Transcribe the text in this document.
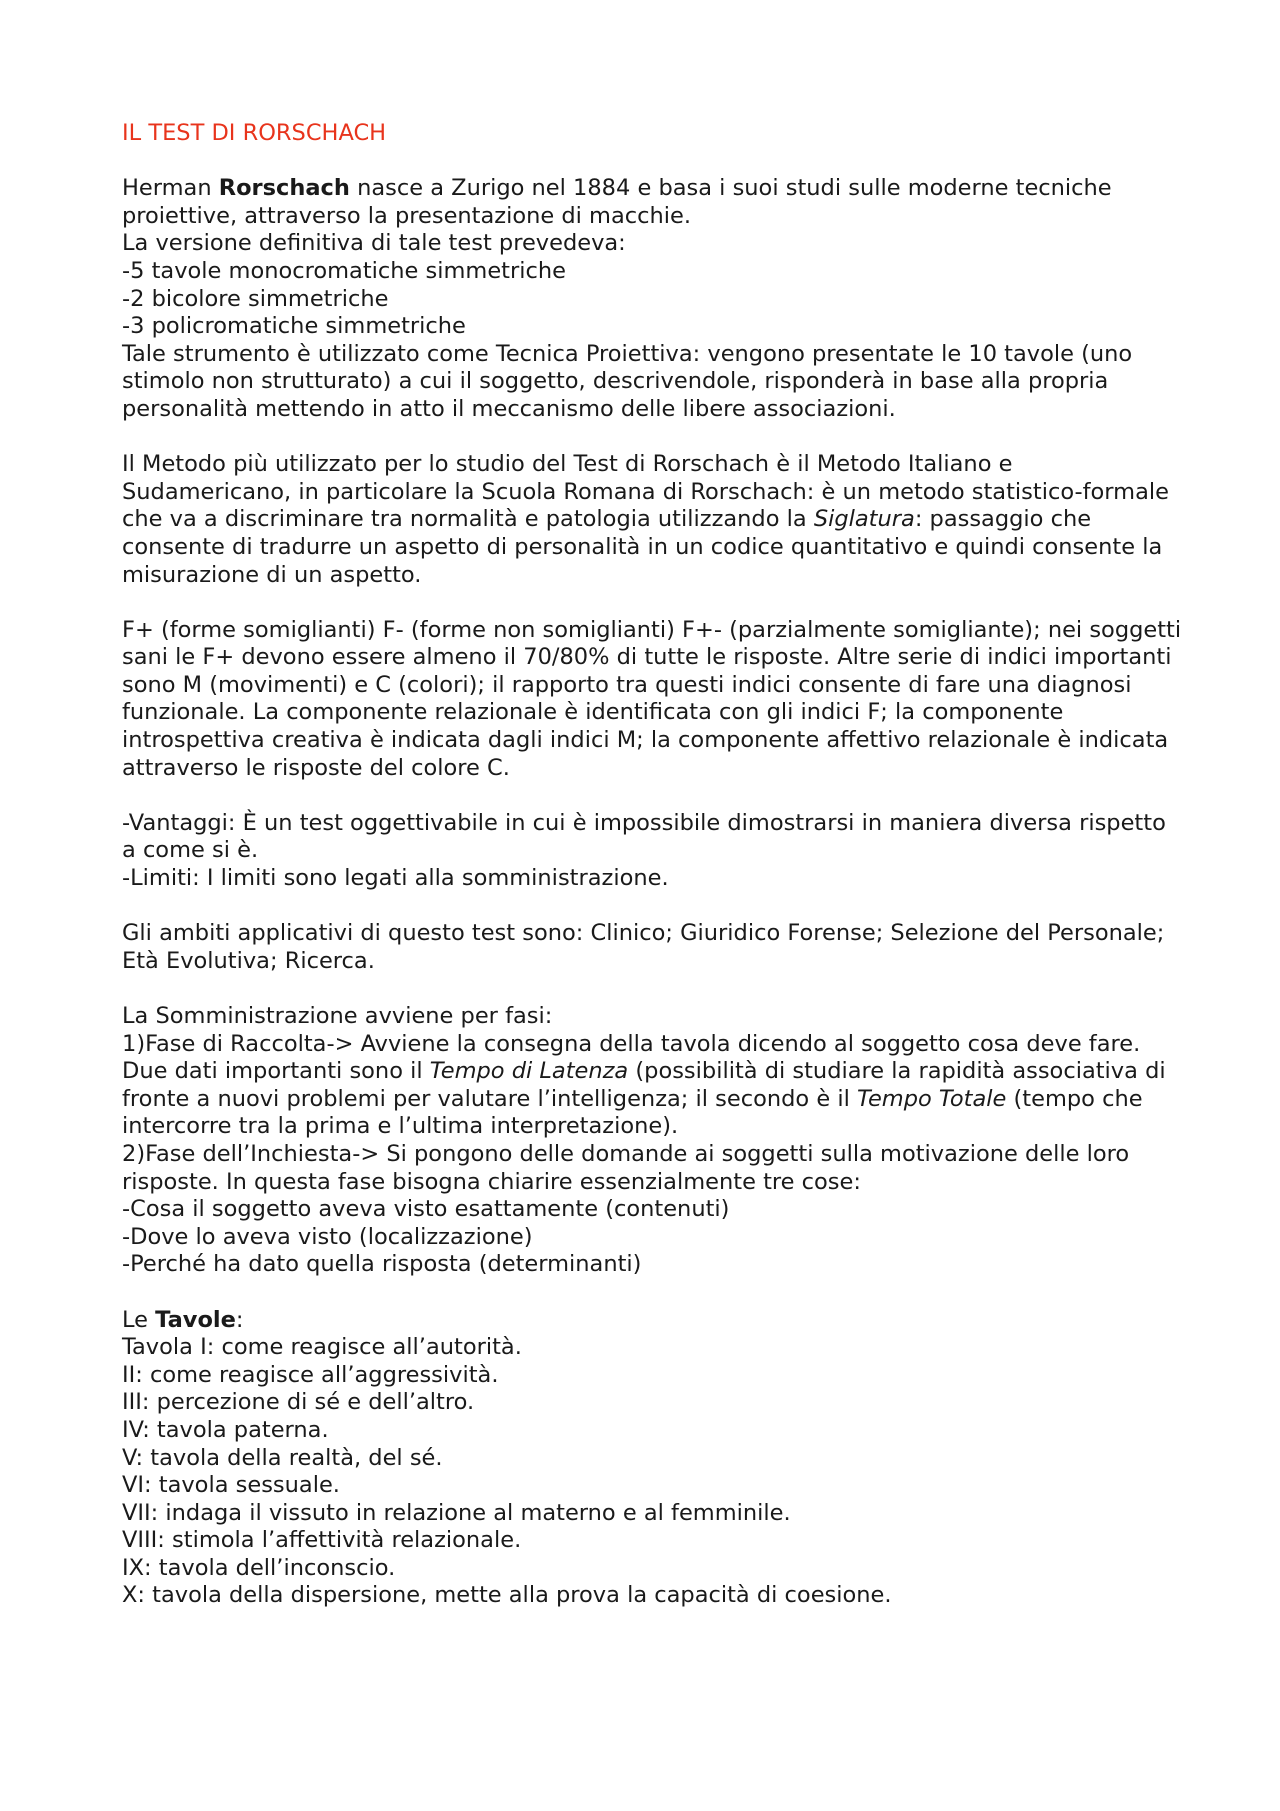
IL TEST DI RORSCHACH

Herman Rorschach nasce a Zurigo nel 1884 e basa i suoi studi sulle moderne tecniche proiettive, attraverso la presentazione di macchie.

La versione definitiva di tale test prevedeva:

-5 tavole monocromatiche simmetriche

-2 bicolore simmetriche

-3 policromatiche simmetriche

Tale strumento è utilizzato come Tecnica Proiettiva: vengono presentate le 10 tavole (uno stimolo non strutturato) a cui il soggetto, descrivendole, risponderà in base alla propria personalità mettendo in atto il meccanismo delle libere associazioni.

Il Metodo più utilizzato per lo studio del Test di Rorschach è il Metodo Italiano e Sudamericano, in particolare la Scuola Romana di Rorschach: è un metodo statistico-formale che va a discriminare tra normalità e patologia utilizzando la Siglatura: passaggio che consente di tradurre un aspetto di personalità in un codice quantitativo e quindi consente la misurazione di un aspetto.

F+ (forme somiglianti) F- (forme non somiglianti) F+- (parzialmente somigliante); nei soggetti sani le F+ devono essere almeno il 70/80% di tutte le risposte. Altre serie di indici importanti sono M (movimenti) e C (colori); il rapporto tra questi indici consente di fare una diagnosi funzionale. La componente relazionale è identificata con gli indici F; la componente introspettiva creativa è indicata dagli indici M; la componente affettivo relazionale è indicata attraverso le risposte del colore C.

-Vantaggi: È un test oggettivabile in cui è impossibile dimostrarsi in maniera diversa rispetto a come si è.

-Limiti: I limiti sono legati alla somministrazione.

Gli ambiti applicativi di questo test sono: Clinico; Giuridico Forense; Selezione del Personale; Età Evolutiva; Ricerca.

La Somministrazione avviene per fasi:

1)Fase di Raccolta-> Avviene la consegna della tavola dicendo al soggetto cosa deve fare. Due dati importanti sono il Tempo di Latenza (possibilità di studiare la rapidità associativa di fronte a nuovi problemi per valutare l’intelligenza; il secondo è il Tempo Totale (tempo che intercorre tra la prima e l’ultima interpretazione).

2)Fase dell’Inchiesta-> Si pongono delle domande ai soggetti sulla motivazione delle loro risposte. In questa fase bisogna chiarire essenzialmente tre cose:

-Cosa il soggetto aveva visto esattamente (contenuti)

-Dove lo aveva visto (localizzazione)

-Perché ha dato quella risposta (determinanti)

Le Tavole:

Tavola I: come reagisce all’autorità.

II: come reagisce all’aggressività.

III: percezione di sé e dell’altro.

IV: tavola paterna.

V: tavola della realtà, del sé.

VI: tavola sessuale.

VII: indaga il vissuto in relazione al materno e al femminile.

VIII: stimola l’affettività relazionale.

IX: tavola dell’inconscio.

X: tavola della dispersione, mette alla prova la capacità di coesione.
